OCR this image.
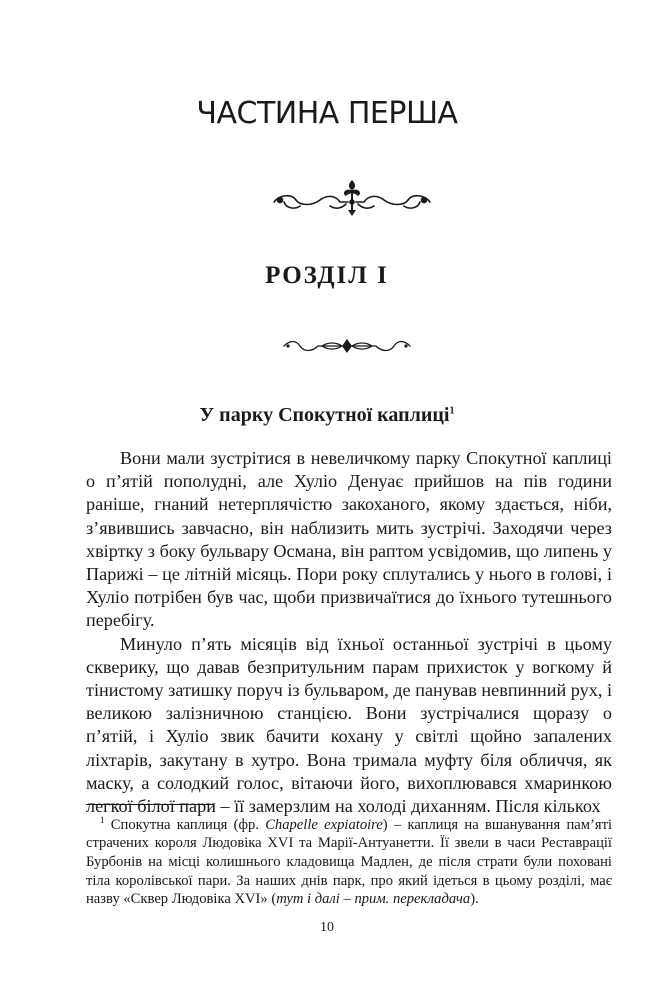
ЧАСТИНА ПЕРША
РОЗДІЛ І
У парку Спокутної каплиці$^1$

Вони мали зустрітися в невеличкому парку Спокутної каплиці о п’ятій пополудні, але Хуліо Денуає прийшов на пів години раніше, гнаний нетерплячістю закоханого, якому здається, ніби, з’явившись завчасно, він наблизить мить зустрічі. Заходячи через хвіртку з боку бульвару Османа, він раптом усвідомив, що липень у Парижі – це літній місяць. Пори року сплутались у нього в голові, і Хуліо потрібен був час, щоби призвичаїтися до їхнього тутешнього перебігу.

Минуло п’ять місяців від їхньої останньої зустрічі в цьому скверику, що давав безпритульним парам прихисток у вогкому й тінистому затишку поруч із бульваром, де панував невпинний рух, і великою залізничною станцією. Вони зустрічалися щоразу о п’ятій, і Хуліо звик бачити кохану у світлі щойно запалених ліхтарів, закутану в хутро. Вона тримала муфту біля обличчя, як маску, а солодкий голос, вітаючи його, вихоплювався хмаринкою легкої білої пари – її замерзлим на холоді диханням. Після кількох

$^1$ Спокутна каплиця (фр. Chapelle expiatoire) – каплиця на вшанування пам’яті страчених короля Людовіка XVI та Марії-Антуанетти. Її звели в часи Реставрації Бурбонів на місці колишнього кладовища Мадлен, де після страти були поховані тіла королівської пари. За наших днів парк, про який ідеться в цьому розділі, має назву «Сквер Людовіка XVI» (тут і далі – прим. перекладача).

10
